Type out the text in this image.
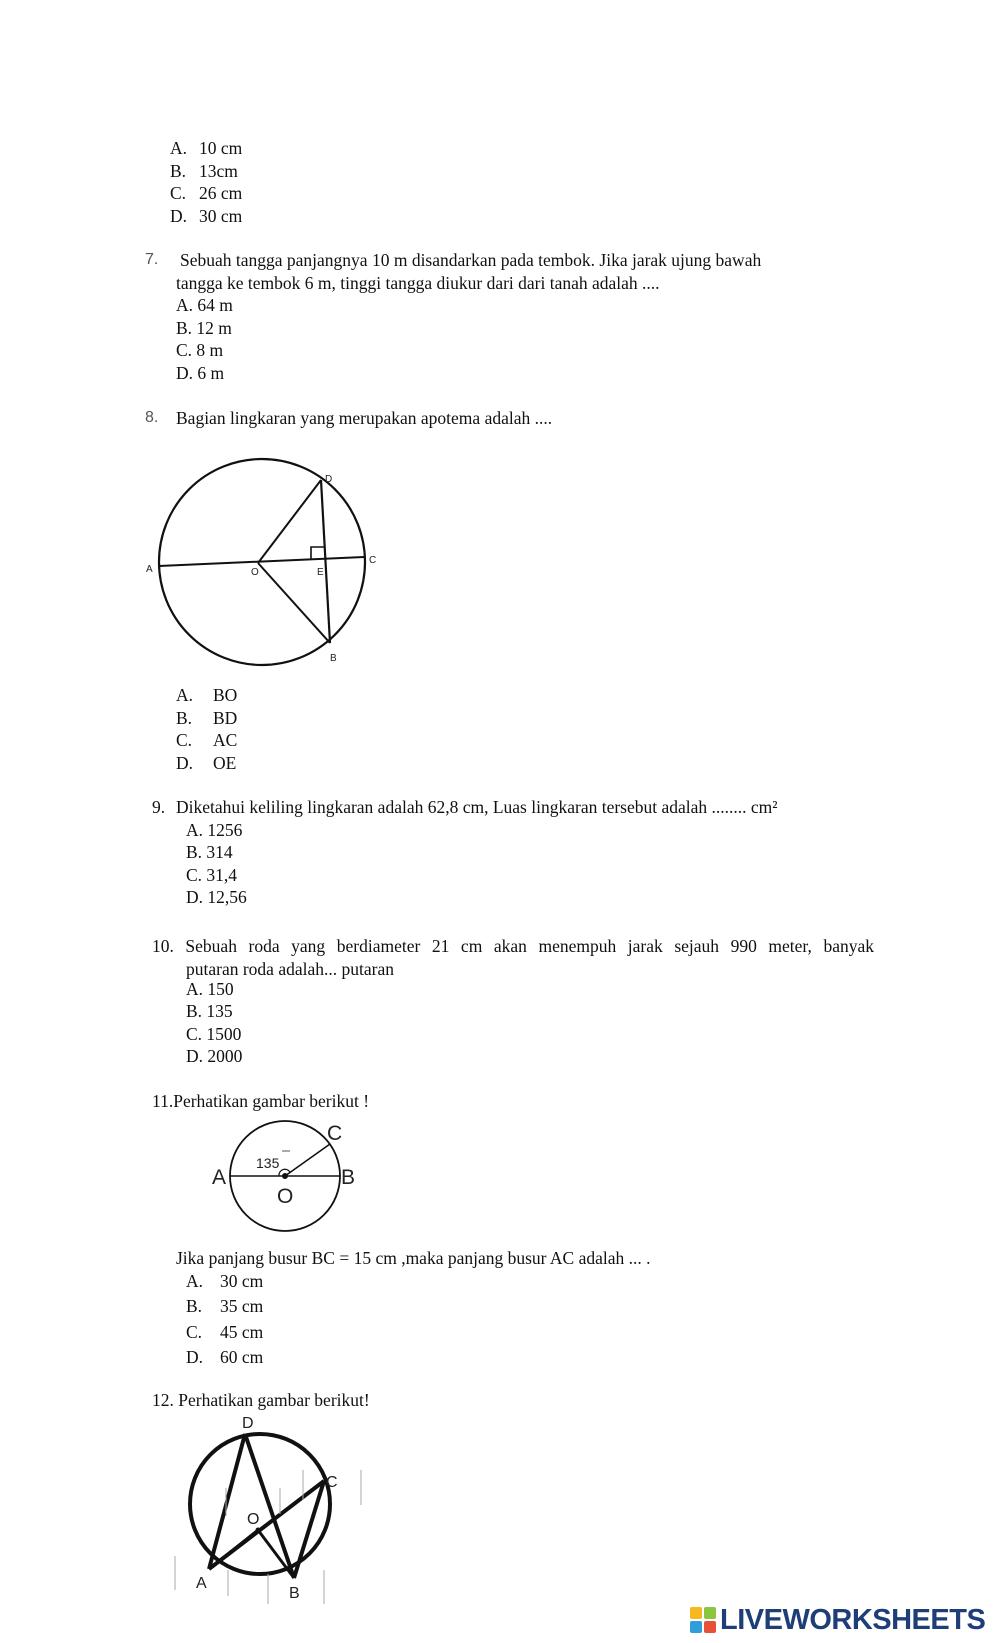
A. 10 cm
B. 13cm
C. 26 cm
D. 30 cm
7. Sebuah tangga panjangnya 10 m disandarkan pada tembok. Jika jarak ujung bawah
tangga ke tembok 6 m, tinggi tangga diukur dari dari tanah adalah ....
A. 64 m
B. 12 m
C. 8 m
D. 6 m
8. Bagian lingkaran yang merupakan apotema adalah ....
D
A	O	E
C
B
A. BO
B. BD
C. AC
D. OE
9. Diketahui keliling lingkaran adalah 62,8 cm, Luas lingkaran tersebut adalah ........ cm²
A. 1256
B. 314
C. 31,4
D. 12,56
10. Sebuah roda yang berdiameter 21 cm akan menempuh jarak sejauh 990 meter, banyak
putaran roda adalah... putaran
A. 150
B. 135
C. 1500
D. 2000
11.Perhatikan gambar berikut !
C
A	B
O
135
Jika panjang busur BC = 15 cm ,maka panjang busur AC adalah ... .
A. 30 cm
B. 35 cm
C. 45 cm
D. 60 cm
12. Perhatikan gambar berikut!
D
C
O
A
B
LIVEWORKSHEETS
